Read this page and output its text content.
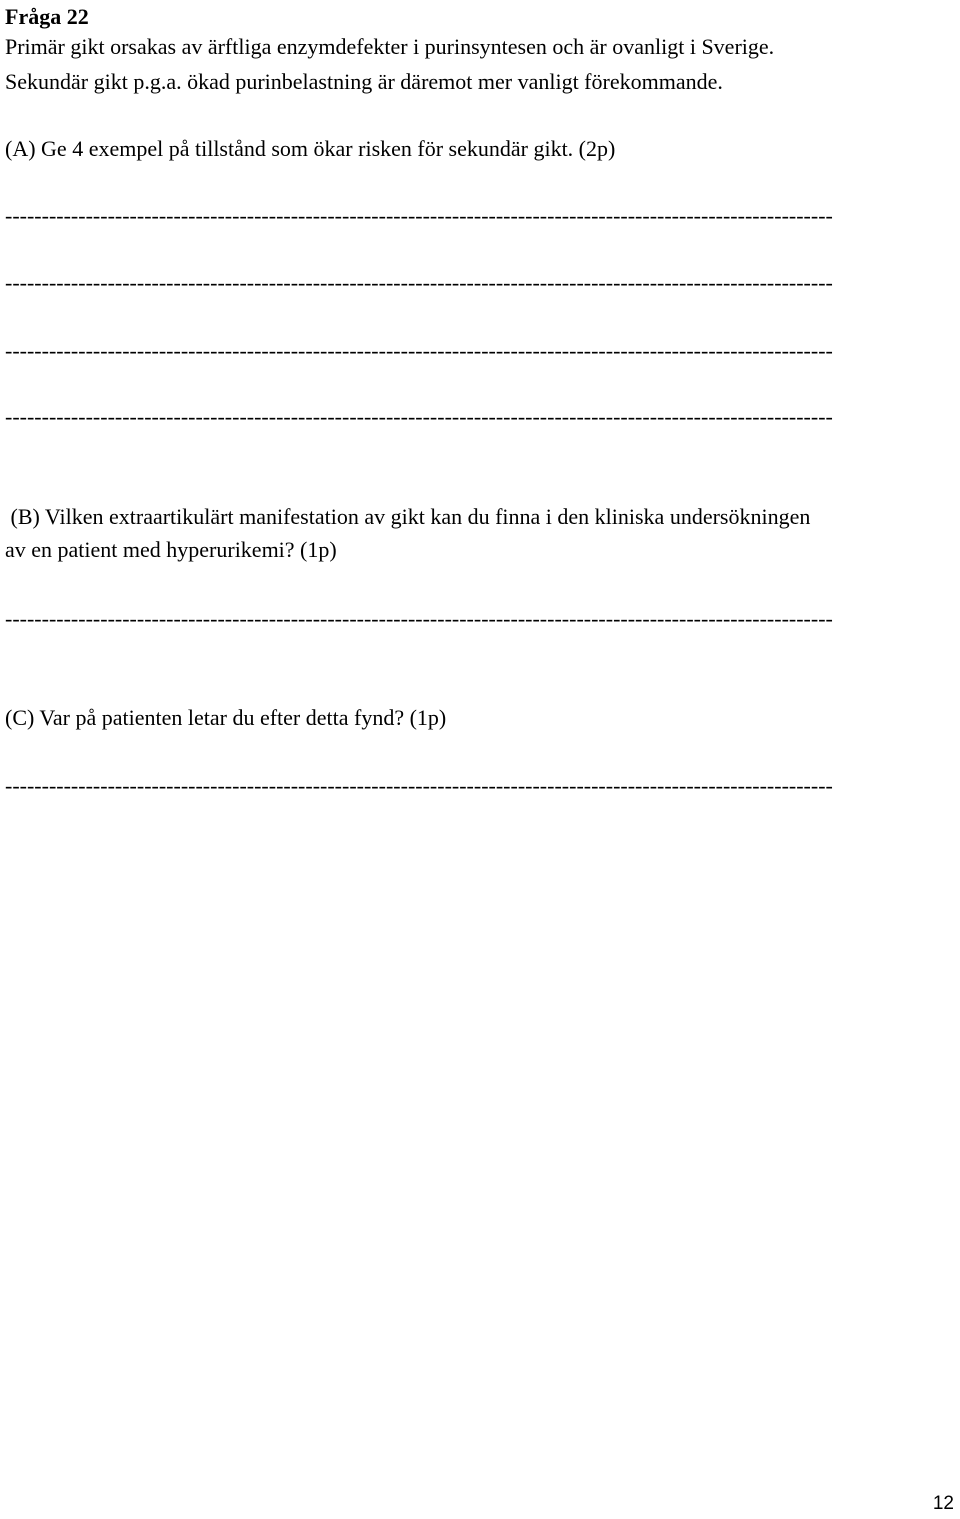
Fråga 22
Primär gikt orsakas av ärftliga enzymdefekter i purinsyntesen och är ovanligt i Sverige.
Sekundär gikt p.g.a. ökad purinbelastning är däremot mer vanligt förekommande.
(A) Ge 4 exempel på tillstånd som ökar risken för sekundär gikt. (2p)
-----------------------------------------------------------------------------------------------------------------
-----------------------------------------------------------------------------------------------------------------
-----------------------------------------------------------------------------------------------------------------
-----------------------------------------------------------------------------------------------------------------
(B) Vilken extraartikulärt manifestation av gikt kan du finna i den kliniska undersökningen
av en patient med hyperurikemi? (1p)
-----------------------------------------------------------------------------------------------------------------
(C) Var på patienten letar du efter detta fynd? (1p)
-----------------------------------------------------------------------------------------------------------------
12
